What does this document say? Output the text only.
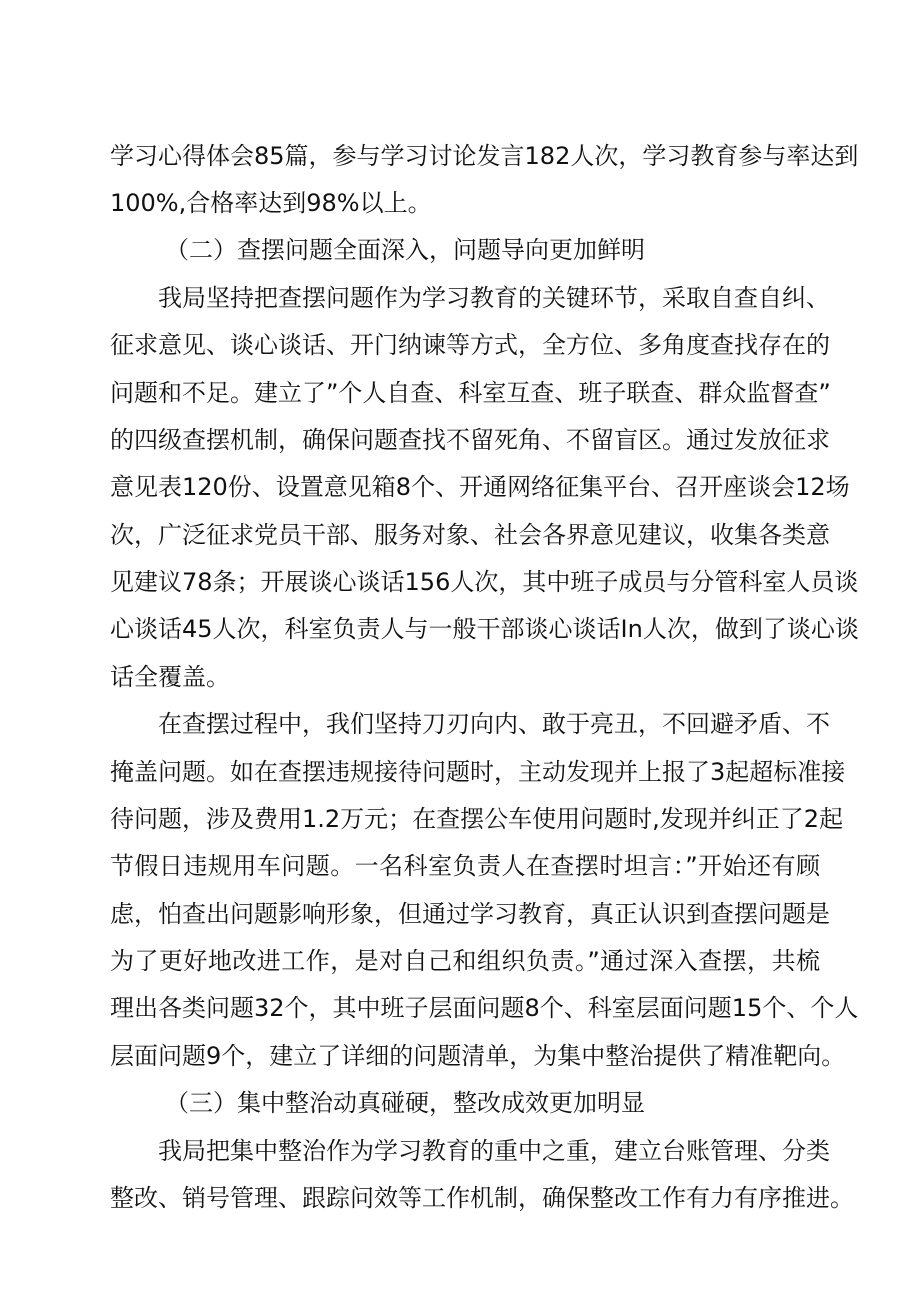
学习心得体会85篇，参与学习讨论发言182人次，学习教育参与率达到
100%,合格率达到98%以上。
（二）查摆问题全面深入，问题导向更加鲜明
我局坚持把查摆问题作为学习教育的关键环节，采取自查自纠、
征求意见、谈心谈话、开门纳谏等方式，全方位、多角度查找存在的
问题和不足。建立了”个人自查、科室互查、班子联查、群众监督查”
的四级查摆机制，确保问题查找不留死角、不留盲区。通过发放征求
意见表120份、设置意见箱8个、开通网络征集平台、召开座谈会12场
次，广泛征求党员干部、服务对象、社会各界意见建议，收集各类意
见建议78条；开展谈心谈话156人次，其中班子成员与分管科室人员谈
心谈话45人次，科室负责人与一般干部谈心谈话In人次，做到了谈心谈
话全覆盖。
在查摆过程中，我们坚持刀刃向内、敢于亮丑，不回避矛盾、不
掩盖问题。如在查摆违规接待问题时，主动发现并上报了3起超标准接
待问题，涉及费用1.2万元；在查摆公车使用问题时,发现并纠正了2起
节假日违规用车问题。一名科室负责人在查摆时坦言：”开始还有顾
虑，怕查出问题影响形象，但通过学习教育，真正认识到查摆问题是
为了更好地改进工作，是对自己和组织负责。”通过深入查摆，共梳
理出各类问题32个，其中班子层面问题8个、科室层面问题15个、个人
层面问题9个，建立了详细的问题清单，为集中整治提供了精准靶向。
（三）集中整治动真碰硬，整改成效更加明显
我局把集中整治作为学习教育的重中之重，建立台账管理、分类
整改、销号管理、跟踪问效等工作机制，确保整改工作有力有序推进。
